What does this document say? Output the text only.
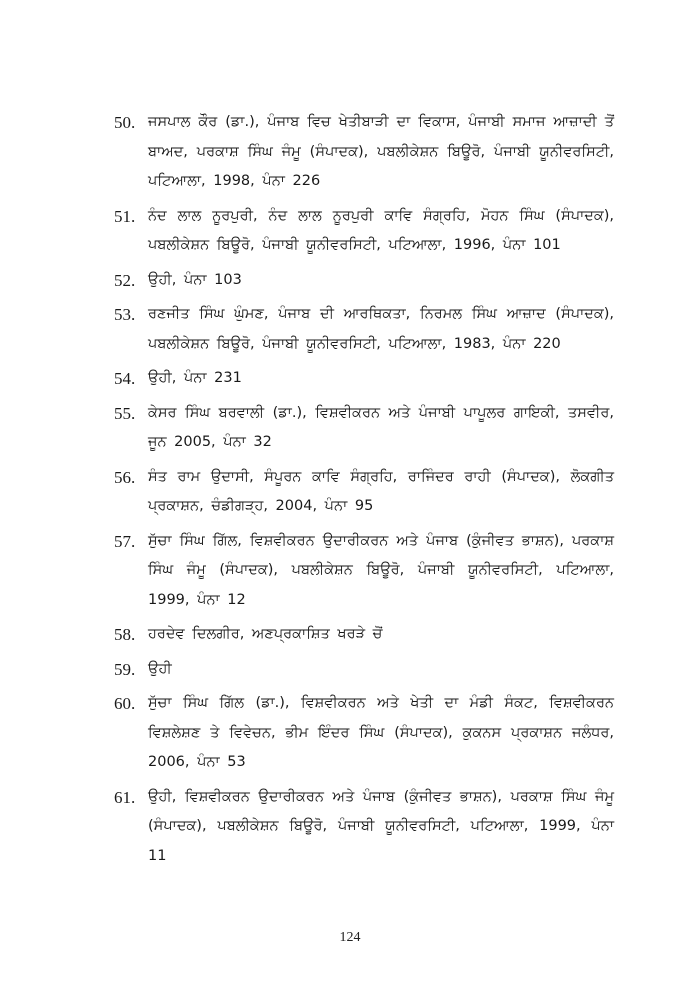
50. ਜਸਪਾਲ ਕੌਰ (ਡਾ.), ਪੰਜਾਬ ਵਿਚ ਖੇਤੀਬਾੜੀ ਦਾ ਵਿਕਾਸ, ਪੰਜਾਬੀ ਸਮਾਜ ਆਜ਼ਾਦੀ ਤੋਂ ਬਾਅਦ, ਪਰਕਾਸ਼ ਸਿੰਘ ਜੰਮੂ (ਸੰਪਾਦਕ), ਪਬਲੀਕੇਸ਼ਨ ਬਿਊਰੋ, ਪੰਜਾਬੀ ਯੂਨੀਵਰਸਿਟੀ, ਪਟਿਆਲਾ, 1998, ਪੰਨਾ 226
51. ਨੰਦ ਲਾਲ ਨੂਰਪੁਰੀ, ਨੰਦ ਲਾਲ ਨੂਰਪੁਰੀ ਕਾਵਿ ਸੰਗ੍ਰਹਿ, ਮੋਹਨ ਸਿੰਘ (ਸੰਪਾਦਕ), ਪਬਲੀਕੇਸ਼ਨ ਬਿਊਰੋ, ਪੰਜਾਬੀ ਯੂਨੀਵਰਸਿਟੀ, ਪਟਿਆਲਾ, 1996, ਪੰਨਾ 101
52. ਉਹੀ, ਪੰਨਾ 103
53. ਰਣਜੀਤ ਸਿੰਘ ਘੁੰਮਣ, ਪੰਜਾਬ ਦੀ ਆਰਥਿਕਤਾ, ਨਿਰਮਲ ਸਿੰਘ ਆਜ਼ਾਦ (ਸੰਪਾਦਕ), ਪਬਲੀਕੇਸ਼ਨ ਬਿਊਰੋ, ਪੰਜਾਬੀ ਯੂਨੀਵਰਸਿਟੀ, ਪਟਿਆਲਾ, 1983, ਪੰਨਾ 220
54. ਉਹੀ, ਪੰਨਾ 231
55. ਕੇਸਰ ਸਿੰਘ ਬਰਵਾਲੀ (ਡਾ.), ਵਿਸ਼ਵੀਕਰਨ ਅਤੇ ਪੰਜਾਬੀ ਪਾਪੂਲਰ ਗਾਇਕੀ, ਤਸਵੀਰ, ਜੂਨ 2005, ਪੰਨਾ 32
56. ਸੰਤ ਰਾਮ ਉਦਾਸੀ, ਸੰਪੂਰਨ ਕਾਵਿ ਸੰਗ੍ਰਹਿ, ਰਾਜਿੰਦਰ ਰਾਹੀ (ਸੰਪਾਦਕ), ਲੋਕਗੀਤ ਪ੍ਰਕਾਸ਼ਨ, ਚੰਡੀਗੜ੍ਹ, 2004, ਪੰਨਾ 95
57. ਸੁੱਚਾ ਸਿੰਘ ਗਿੱਲ, ਵਿਸ਼ਵੀਕਰਨ ਉਦਾਰੀਕਰਨ ਅਤੇ ਪੰਜਾਬ (ਕੁੰਜੀਵਤ ਭਾਸ਼ਨ), ਪਰਕਾਸ਼ ਸਿੰਘ ਜੰਮੂ (ਸੰਪਾਦਕ), ਪਬਲੀਕੇਸ਼ਨ ਬਿਊਰੋ, ਪੰਜਾਬੀ ਯੂਨੀਵਰਸਿਟੀ, ਪਟਿਆਲਾ, 1999, ਪੰਨਾ 12
58. ਹਰਦੇਵ ਦਿਲਗੀਰ, ਅਣਪ੍ਰਕਾਸ਼ਿਤ ਖਰੜੇ ਚੋਂ
59. ਉਹੀ
60. ਸੁੱਚਾ ਸਿੰਘ ਗਿੱਲ (ਡਾ.), ਵਿਸ਼ਵੀਕਰਨ ਅਤੇ ਖੇਤੀ ਦਾ ਮੰਡੀ ਸੰਕਟ, ਵਿਸ਼ਵੀਕਰਨ ਵਿਸ਼ਲੇਸ਼ਣ ਤੇ ਵਿਵੇਚਨ, ਭੀਮ ਇੰਦਰ ਸਿੰਘ (ਸੰਪਾਦਕ), ਕੁਕਨਸ ਪ੍ਰਕਾਸ਼ਨ ਜਲੰਧਰ, 2006, ਪੰਨਾ 53
61. ਉਹੀ, ਵਿਸ਼ਵੀਕਰਨ ਉਦਾਰੀਕਰਨ ਅਤੇ ਪੰਜਾਬ (ਕੁੰਜੀਵਤ ਭਾਸ਼ਨ), ਪਰਕਾਸ਼ ਸਿੰਘ ਜੰਮੂ (ਸੰਪਾਦਕ), ਪਬਲੀਕੇਸ਼ਨ ਬਿਊਰੋ, ਪੰਜਾਬੀ ਯੂਨੀਵਰਸਿਟੀ, ਪਟਿਆਲਾ, 1999, ਪੰਨਾ 11
124
